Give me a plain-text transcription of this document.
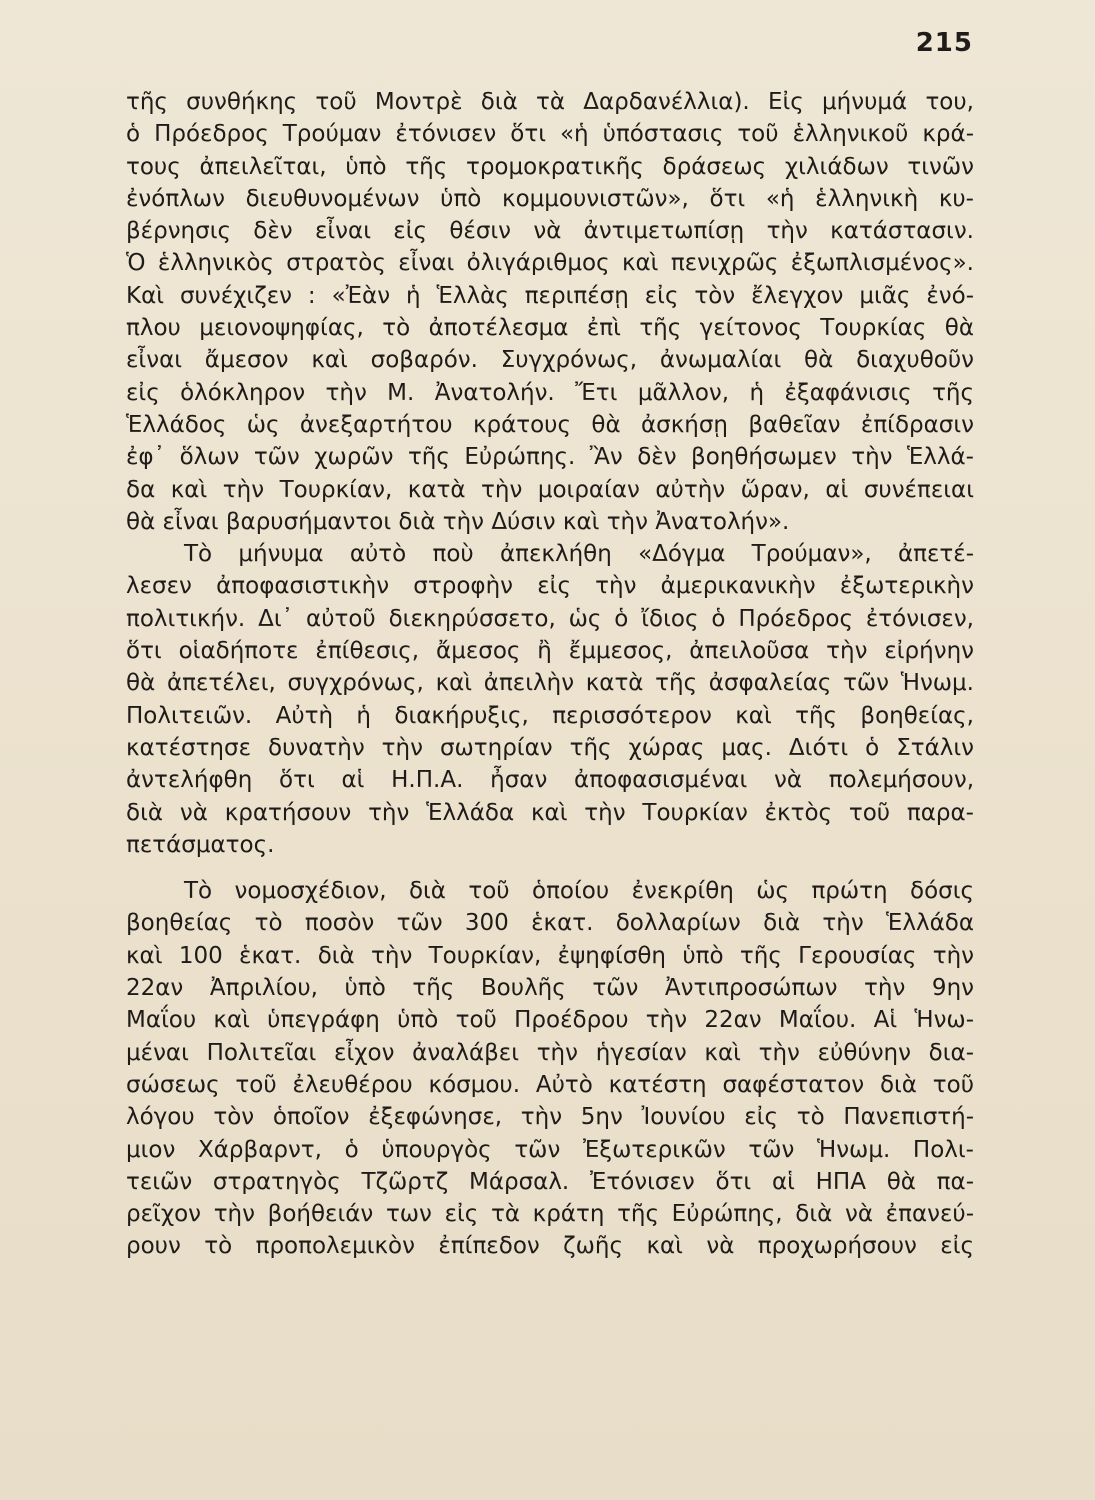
215
τῆς συνθήκης τοῦ Μοντρὲ διὰ τὰ Δαρδανέλλια). Εἰς μήνυμά του,
ὁ Πρόεδρος Τρούμαν ἐτόνισεν ὅτι «ἡ ὑπόστασις τοῦ ἑλληνικοῦ κρά-
τους ἀπειλεῖται, ὑπὸ τῆς τρομοκρατικῆς δράσεως χιλιάδων τινῶν
ἐνόπλων διευθυνομένων ὑπὸ κομμουνιστῶν», ὅτι «ἡ ἑλληνικὴ κυ-
βέρνησις δὲν εἶναι εἰς θέσιν νὰ ἀντιμετωπίσῃ τὴν κατάστασιν.
Ὁ ἑλληνικὸς στρατὸς εἶναι ὀλιγάριθμος καὶ πενιχρῶς ἐξωπλισμένος».
Καὶ συνέχιζεν : «Ἐὰν ἡ Ἑλλὰς περιπέσῃ εἰς τὸν ἔλεγχον μιᾶς ἐνό-
πλου μειονοψηφίας, τὸ ἀποτέλεσμα ἐπὶ τῆς γείτονος Τουρκίας θὰ
εἶναι ἄμεσον καὶ σοβαρόν. Συγχρόνως, ἀνωμαλίαι θὰ διαχυθοῦν
εἰς ὁλόκληρον τὴν Μ. Ἀνατολήν. Ἔτι μᾶλλον, ἡ ἐξαφάνισις τῆς
Ἑλλάδος ὡς ἀνεξαρτήτου κράτους θὰ ἀσκήσῃ βαθεῖαν ἐπίδρασιν
ἐφ᾽ ὅλων τῶν χωρῶν τῆς Εὐρώπης. Ἂν δὲν βοηθήσωμεν τὴν Ἑλλά-
δα καὶ τὴν Τουρκίαν, κατὰ τὴν μοιραίαν αὐτὴν ὥραν, αἱ συνέπειαι
θὰ εἶναι βαρυσήμαντοι διὰ τὴν Δύσιν καὶ τὴν Ἀνατολήν».
Τὸ μήνυμα αὐτὸ ποὺ ἀπεκλήθη «Δόγμα Τρούμαν», ἀπετέ-
λεσεν ἀποφασιστικὴν στροφὴν εἰς τὴν ἀμερικανικὴν ἐξωτερικὴν
πολιτικήν. Δι᾽ αὐτοῦ διεκηρύσσετο, ὡς ὁ ἴδιος ὁ Πρόεδρος ἐτόνισεν,
ὅτι οἱαδήποτε ἐπίθεσις, ἄμεσος ἢ ἔμμεσος, ἀπειλοῦσα τὴν εἰρήνην
θὰ ἀπετέλει, συγχρόνως, καὶ ἀπειλὴν κατὰ τῆς ἀσφαλείας τῶν Ἡνωμ.
Πολιτειῶν. Αὐτὴ ἡ διακήρυξις, περισσότερον καὶ τῆς βοηθείας,
κατέστησε δυνατὴν τὴν σωτηρίαν τῆς χώρας μας. Διότι ὁ Στάλιν
ἀντελήφθη ὅτι αἱ Η.Π.Α. ἦσαν ἀποφασισμέναι νὰ πολεμήσουν,
διὰ νὰ κρατήσουν τὴν Ἑλλάδα καὶ τὴν Τουρκίαν ἐκτὸς τοῦ παρα-
πετάσματος.
Τὸ νομοσχέδιον, διὰ τοῦ ὁποίου ἐνεκρίθη ὡς πρώτη δόσις
βοηθείας τὸ ποσὸν τῶν 300 ἑκατ. δολλαρίων διὰ τὴν Ἑλλάδα
καὶ 100 ἑκατ. διὰ τὴν Τουρκίαν, ἐψηφίσθη ὑπὸ τῆς Γερουσίας τὴν
22αν Ἀπριλίου, ὑπὸ τῆς Βουλῆς τῶν Ἀντιπροσώπων τὴν 9ην
Μαΐου καὶ ὑπεγράφη ὑπὸ τοῦ Προέδρου τὴν 22αν Μαΐου. Αἱ Ἡνω-
μέναι Πολιτεῖαι εἶχον ἀναλάβει τὴν ἡγεσίαν καὶ τὴν εὐθύνην δια-
σώσεως τοῦ ἐλευθέρου κόσμου. Αὐτὸ κατέστη σαφέστατον διὰ τοῦ
λόγου τὸν ὁποῖον ἐξεφώνησε, τὴν 5ην Ἰουνίου εἰς τὸ Πανεπιστή-
μιον Χάρβαρντ, ὁ ὑπουργὸς τῶν Ἐξωτερικῶν τῶν Ἡνωμ. Πολι-
τειῶν στρατηγὸς Τζῶρτζ Μάρσαλ. Ἐτόνισεν ὅτι αἱ ΗΠΑ θὰ πα-
ρεῖχον τὴν βοήθειάν των εἰς τὰ κράτη τῆς Εὐρώπης, διὰ νὰ ἐπανεύ-
ρουν τὸ προπολεμικὸν ἐπίπεδον ζωῆς καὶ νὰ προχωρήσουν εἰς
